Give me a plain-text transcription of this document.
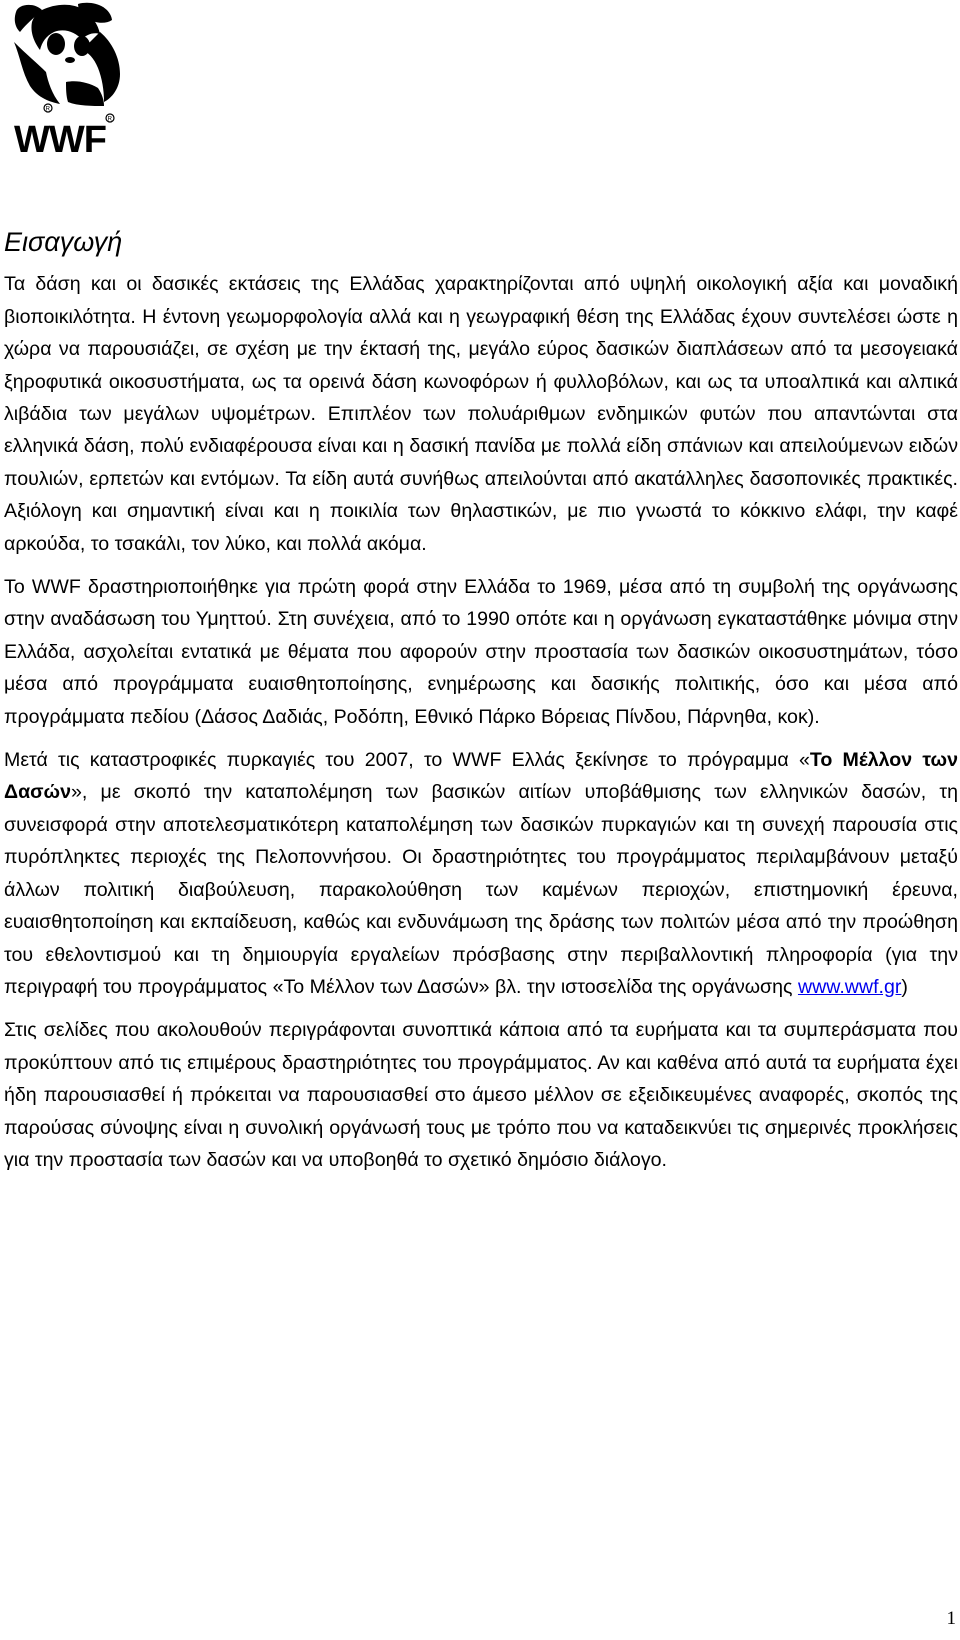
R
R
WWF
Εισαγωγή

Τα δάση και οι δασικές εκτάσεις της Ελλάδας χαρακτηρίζονται από υψηλή οικολογική αξία και μοναδική βιοποικιλότητα. Η έντονη γεωμορφολογία αλλά και η γεωγραφική θέση της Ελλάδας έχουν συντελέσει ώστε η χώρα να παρουσιάζει, σε σχέση με την έκτασή της, μεγάλο εύρος δασικών διαπλάσεων από τα μεσογειακά ξηροφυτικά οικοσυστήματα, ως τα ορεινά δάση κωνοφόρων ή φυλλοβόλων, και ως τα υποαλπικά και αλπικά λιβάδια των μεγάλων υψομέτρων. Επιπλέον των πολυάριθμων ενδημικών φυτών που απαντώνται στα ελληνικά δάση, πολύ ενδιαφέρουσα είναι και η δασική πανίδα με πολλά είδη σπάνιων και απειλούμενων ειδών πουλιών, ερπετών και εντόμων. Τα είδη αυτά συνήθως απειλούνται από ακατάλληλες δασοπονικές πρακτικές. Αξιόλογη και σημαντική είναι και η ποικιλία των θηλαστικών, με πιο γνωστά το κόκκινο ελάφι, την καφέ αρκούδα, το τσακάλι, τον λύκο, και πολλά ακόμα.

Το WWF δραστηριοποιήθηκε για πρώτη φορά στην Ελλάδα το 1969, μέσα από τη συμβολή της οργάνωσης στην αναδάσωση του Υμηττού. Στη συνέχεια, από το 1990 οπότε και η οργάνωση εγκαταστάθηκε μόνιμα στην Ελλάδα, ασχολείται εντατικά με θέματα που αφορούν στην προστασία των δασικών οικοσυστημάτων, τόσο μέσα από προγράμματα ευαισθητοποίησης, ενημέρωσης και δασικής πολιτικής, όσο και μέσα από προγράμματα πεδίου (Δάσος Δαδιάς, Ροδόπη, Εθνικό Πάρκο Βόρειας Πίνδου, Πάρνηθα, κοκ).

Μετά τις καταστροφικές πυρκαγιές του 2007, το WWF Ελλάς ξεκίνησε το πρόγραμμα «Το Μέλλον των Δασών», με σκοπό την καταπολέμηση των βασικών αιτίων υποβάθμισης των ελληνικών δασών, τη συνεισφορά στην αποτελεσματικότερη καταπολέμηση των δασικών πυρκαγιών και τη συνεχή παρουσία στις πυρόπληκτες περιοχές της Πελοποννήσου. Οι δραστηριότητες του προγράμματος περιλαμβάνουν μεταξύ άλλων πολιτική διαβούλευση, παρακολούθηση των καμένων περιοχών, επιστημονική έρευνα, ευαισθητοποίηση και εκπαίδευση, καθώς και ενδυνάμωση της δράσης των πολιτών μέσα από την προώθηση του εθελοντισμού και τη δημιουργία εργαλείων πρόσβασης στην περιβαλλοντική πληροφορία (για την περιγραφή του προγράμματος «Το Μέλλον των Δασών» βλ. την ιστοσελίδα της οργάνωσης www.wwf.gr)

Στις σελίδες που ακολουθούν περιγράφονται συνοπτικά κάποια από τα ευρήματα και τα συμπεράσματα που προκύπτουν από τις επιμέρους δραστηριότητες του προγράμματος. Αν και καθένα από αυτά τα ευρήματα έχει ήδη παρουσιασθεί ή πρόκειται να παρουσιασθεί στο άμεσο μέλλον σε εξειδικευμένες αναφορές, σκοπός της παρούσας σύνοψης είναι η συνολική οργάνωσή τους με τρόπο που να καταδεικνύει τις σημερινές προκλήσεις για την προστασία των δασών και να υποβοηθά το σχετικό δημόσιο διάλογο.

1
